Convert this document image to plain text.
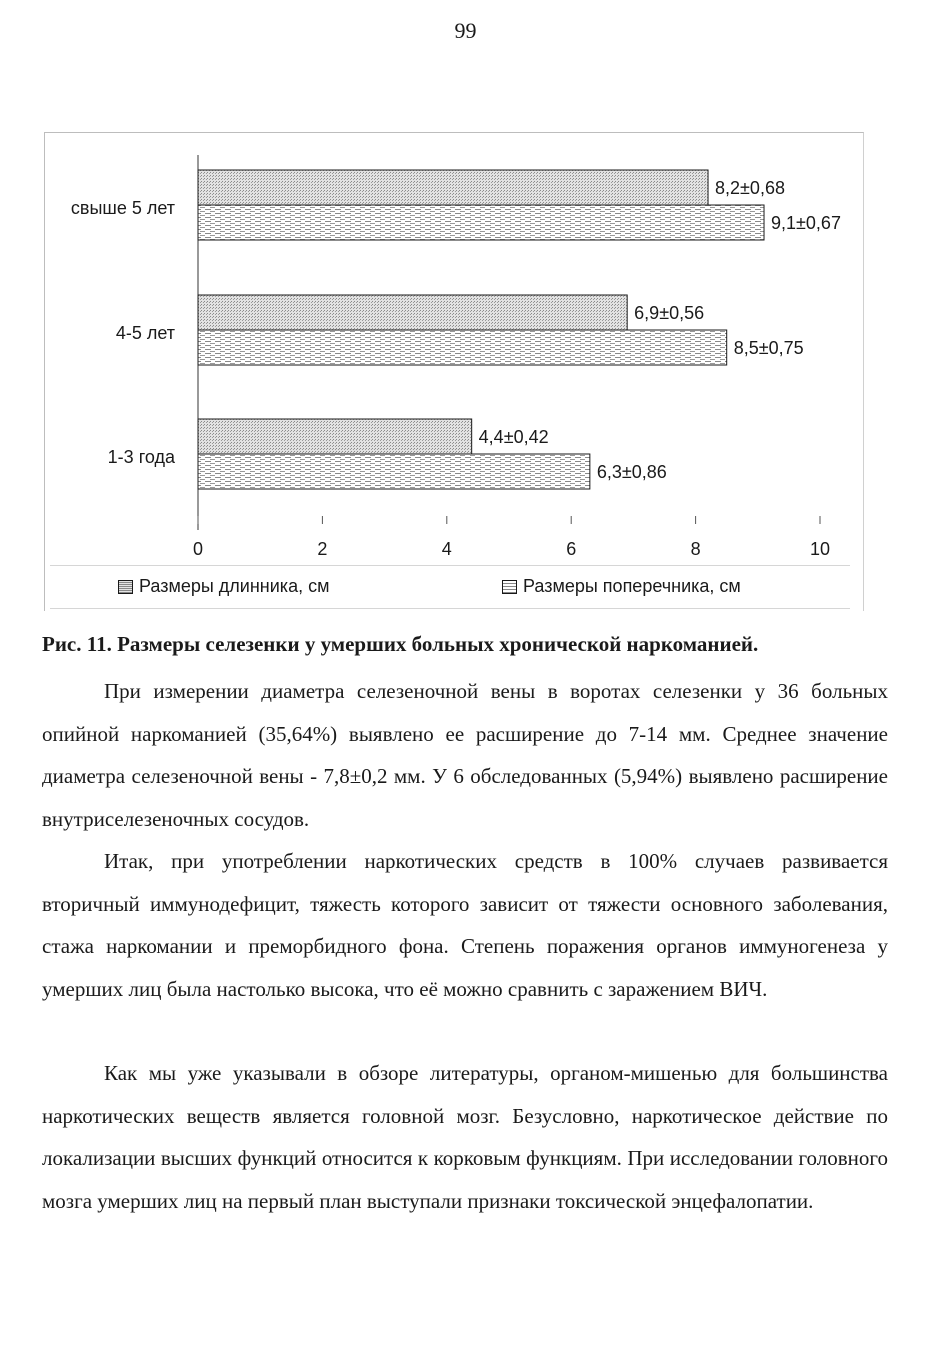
99
свыше 5 лет
8,2±0,68
9,1±0,67
4-5 лет
6,9±0,56
8,5±0,75
1-3 года
4,4±0,42
6,3±0,86
0	2	4	6	8	10
Размеры длинника, см	Размеры поперечника, см
Рис. 11. Размеры селезенки у умерших больных хронической наркоманией.

При измерении диаметра селезеночной вены в воротах селезенки у 36 больных опийной наркоманией (35,64%) выявлено ее расширение до 7-14 мм. Среднее значение диаметра селезеночной вены - 7,8±0,2 мм. У 6 обследованных (5,94%) выявлено расширение внутриселезеночных сосудов.

Итак, при употреблении наркотических средств в 100% случаев развивается вторичный иммунодефицит, тяжесть которого зависит от тяжести основного заболевания, стажа наркомании и преморбидного фона. Степень поражения органов иммуногенеза у умерших лиц была настолько высока, что её можно сравнить с заражением ВИЧ.

Как мы уже указывали в обзоре литературы, органом-мишенью для большинства наркотических веществ является головной мозг. Безусловно, наркотическое действие по локализации высших функций относится к корковым функциям. При исследовании головного мозга умерших лиц на первый план выступали признаки токсической энцефалопатии.
